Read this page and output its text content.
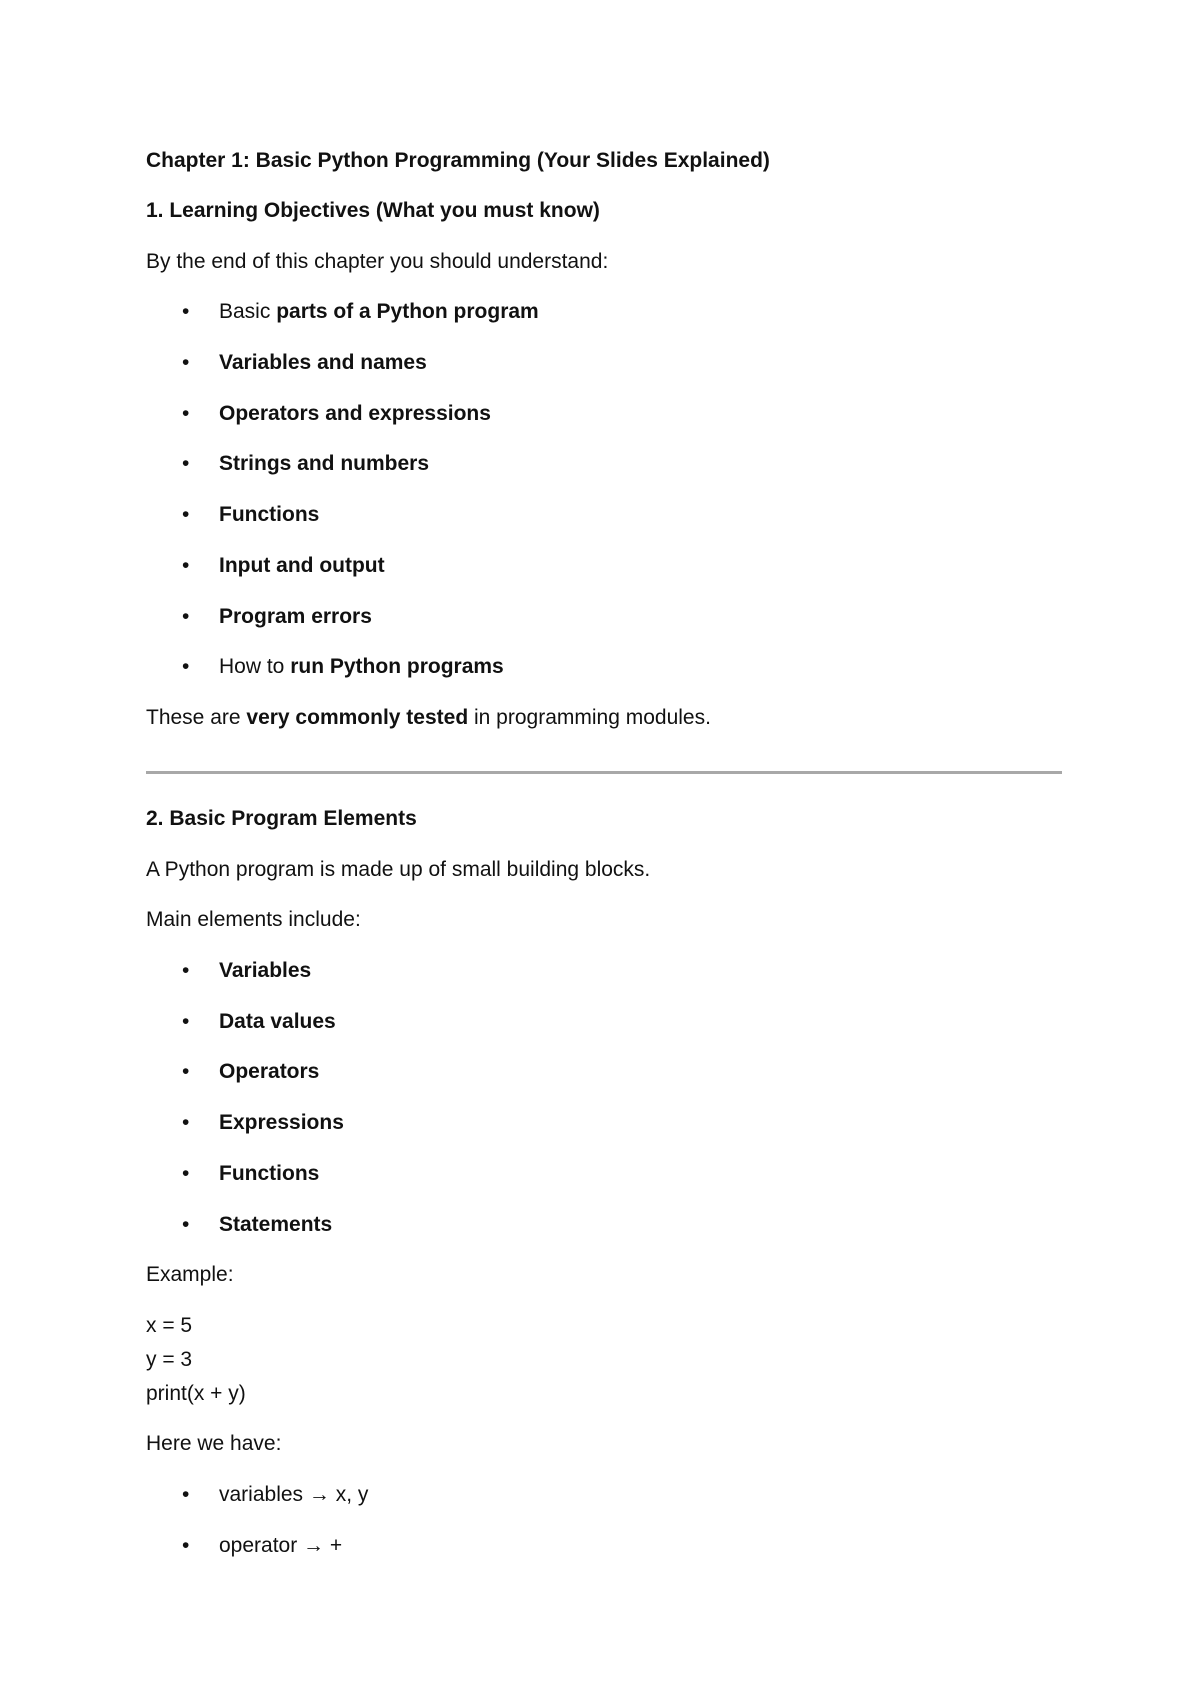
Chapter 1: Basic Python Programming (Your Slides Explained)
1. Learning Objectives (What you must know)
By the end of this chapter you should understand:
• Basic parts of a Python program
• Variables and names
• Operators and expressions
• Strings and numbers
• Functions
• Input and output
• Program errors
• How to run Python programs
These are very commonly tested in programming modules.
2. Basic Program Elements
A Python program is made up of small building blocks.
Main elements include:
• Variables
• Data values
• Operators
• Expressions
• Functions
• Statements
Example:
x = 5
y = 3
print(x + y)
Here we have:
• variables → x, y
• operator → +
